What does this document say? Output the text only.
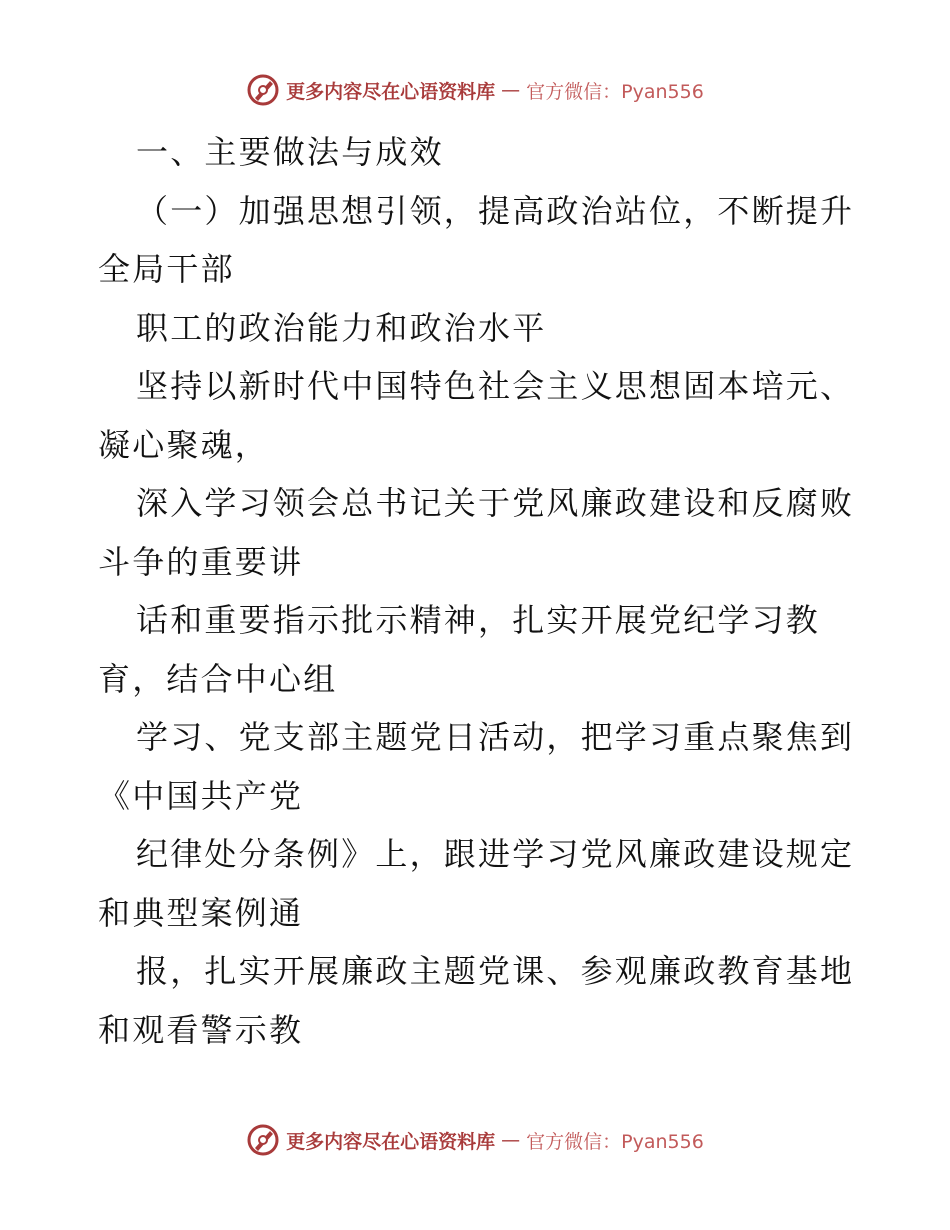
更多内容尽在心语资料库 — 官方微信：Pyan556

一、主要做法与成效

（一）加强思想引领，提高政治站位，不断提升全局干部

职工的政治能力和政治水平

坚持以新时代中国特色社会主义思想固本培元、凝心聚魂，

深入学习领会总书记关于党风廉政建设和反腐败斗争的重要讲

话和重要指示批示精神，扎实开展党纪学习教育，结合中心组

学习、党支部主题党日活动，把学习重点聚焦到《中国共产党

纪律处分条例》上，跟进学习党风廉政建设规定和典型案例通

报，扎实开展廉政主题党课、参观廉政教育基地和观看警示教

更多内容尽在心语资料库 — 官方微信：Pyan556
